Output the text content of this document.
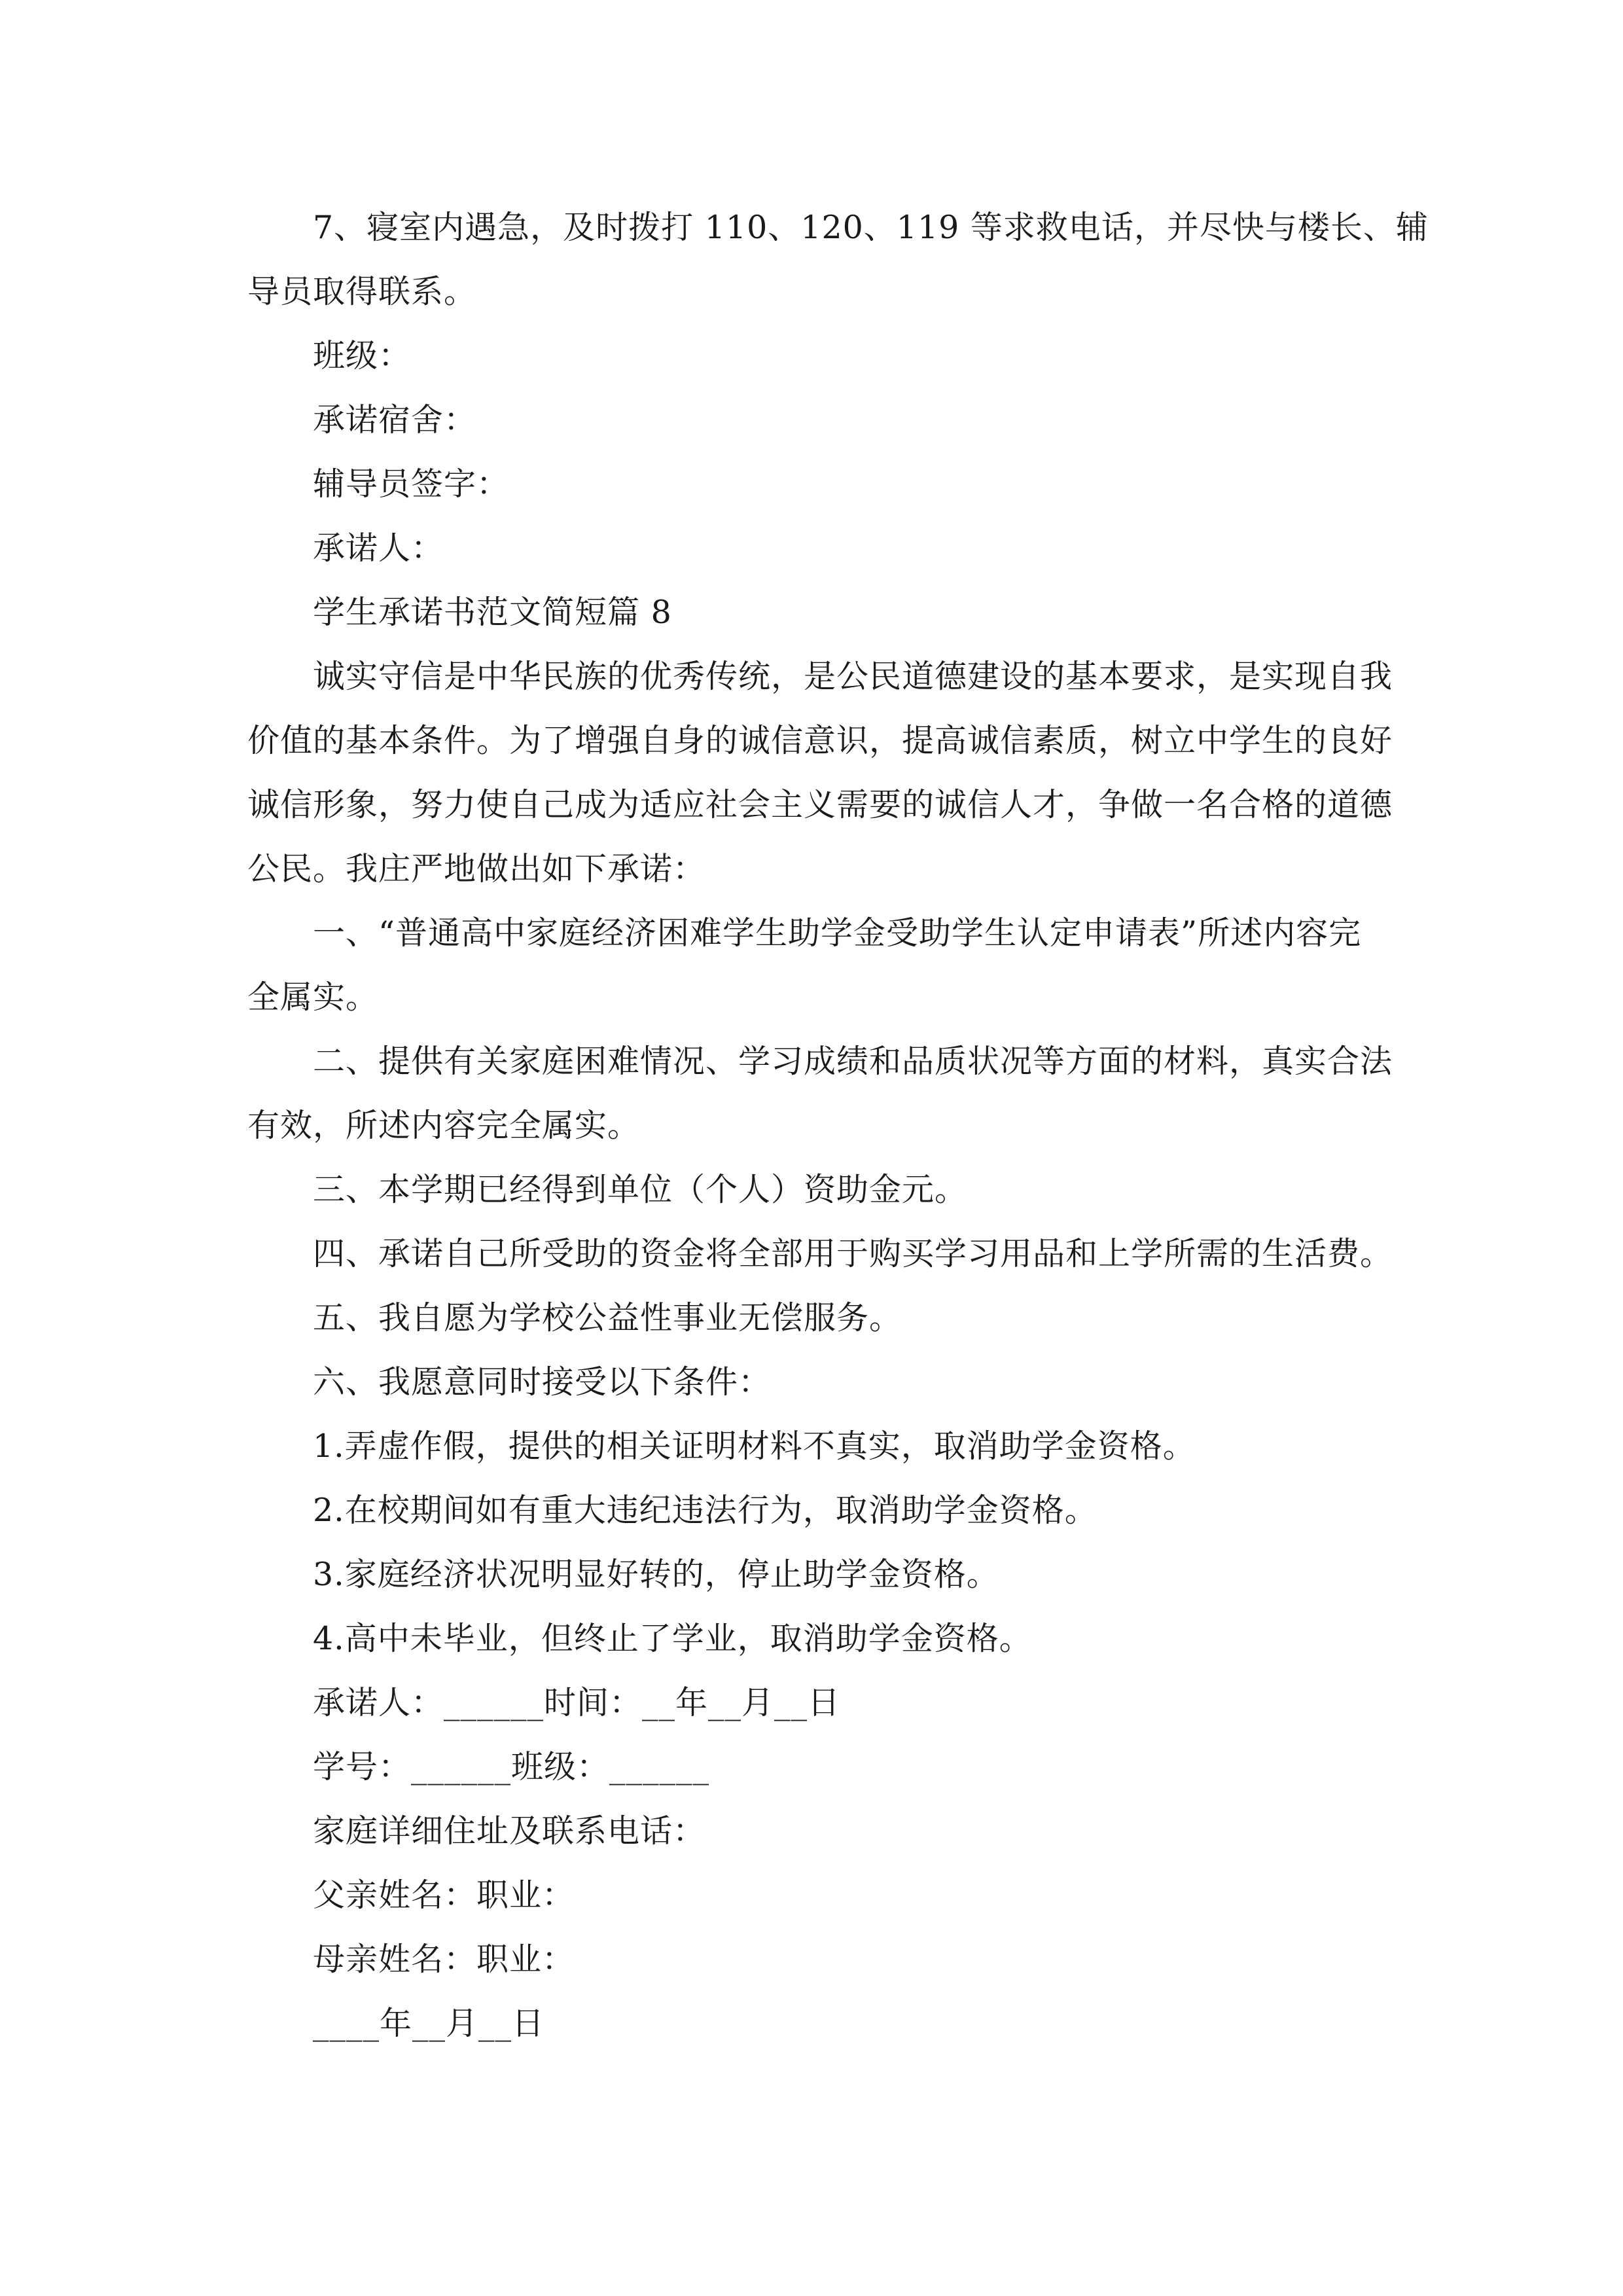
7、寝室内遇急，及时拨打 110、120、119 等求救电话，并尽快与楼长、辅
导员取得联系。
班级：
承诺宿舍：
辅导员签字：
承诺人：
学生承诺书范文简短篇 8
诚实守信是中华民族的优秀传统，是公民道德建设的基本要求，是实现自我
价值的基本条件。为了增强自身的诚信意识，提高诚信素质，树立中学生的良好
诚信形象，努力使自己成为适应社会主义需要的诚信人才，争做一名合格的道德
公民。我庄严地做出如下承诺：
一、“普通高中家庭经济困难学生助学金受助学生认定申请表”所述内容完
全属实。
二、提供有关家庭困难情况、学习成绩和品质状况等方面的材料，真实合法
有效，所述内容完全属实。
三、本学期已经得到单位（个人）资助金元。
四、承诺自己所受助的资金将全部用于购买学习用品和上学所需的生活费。
五、我自愿为学校公益性事业无偿服务。
六、我愿意同时接受以下条件：
1.弄虚作假，提供的相关证明材料不真实，取消助学金资格。
2.在校期间如有重大违纪违法行为，取消助学金资格。
3.家庭经济状况明显好转的，停止助学金资格。
4.高中未毕业，但终止了学业，取消助学金资格。
承诺人：______时间：__年__月__日
学号：______班级：______
家庭详细住址及联系电话：
父亲姓名：职业：
母亲姓名：职业：
____年__月__日
